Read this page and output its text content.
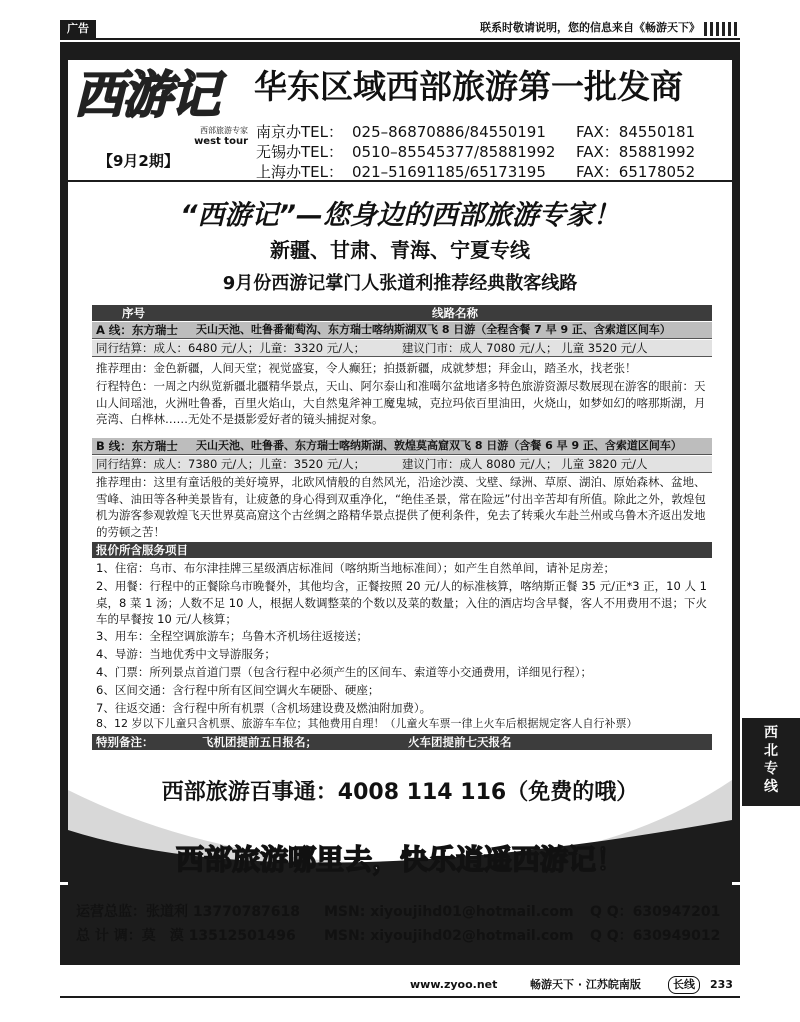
广告	联系时敬请说明，您的信息来自《畅游天下》
西游记
西部旅游专家
west tour
【9月2期】
华东区域西部旅游第一批发商
南京办TEL： 025–86870886/84550191 FAX：84550181
无锡办TEL： 0510–85545377/85881992 FAX：85881992
上海办TEL： 021–51691185/65173195 FAX：65178052
“西游记”—您身边的西部旅游专家！
新疆、甘肃、青海、宁夏专线
9月份西游记掌门人张道利推荐经典散客线路
序号	线路名称
A 线：东方瑞士 天山天池、吐鲁番葡萄沟、东方瑞士喀纳斯湖双飞 8 日游（全程含餐 7 早 9 正、含索道区间车）
同行结算：成人：6480 元/人；儿童：3320 元/人；	建议门市：成人 7080 元/人； 儿童 3520 元/人
推荐理由：金色新疆，人间天堂；视觉盛宴，令人癫狂；拍摄新疆，成就梦想；拜金山，踏圣水，找老张！
行程特色：一周之内纵览新疆北疆精华景点，天山、阿尔泰山和准噶尔盆地诸多特色旅游资源尽数展现在游客的眼前：天山人间瑶池，火洲吐鲁番，百里火焰山，大自然鬼斧神工魔鬼城，克拉玛依百里油田，火烧山，如梦如幻的喀那斯湖，月亮湾、白桦林……无处不是摄影爱好者的镜头捕捉对象。
B 线：东方瑞士 天山天池、吐鲁番、东方瑞士喀纳斯湖、敦煌莫高窟双飞 8 日游（含餐 6 早 9 正、含索道区间车）
同行结算：成人：7380 元/人；儿童：3520 元/人；	建议门市：成人 8080 元/人； 儿童 3820 元/人
推荐理由：这里有童话般的美好境界，北欧风情般的自然风光，沿途沙漠、戈壁、绿洲、草原、湖泊、原始森林、盆地、雪峰、油田等各种美景皆有，让疲惫的身心得到双重净化，“绝佳圣景，常在险远”付出辛苦却有所值。除此之外，敦煌包机为游客参观敦煌飞天世界莫高窟这个古丝绸之路精华景点提供了便利条件，免去了转乘火车赴兰州或乌鲁木齐返出发地的劳顿之苦！
报价所含服务项目
1、住宿：乌市、布尔津挂牌三星级酒店标准间（喀纳斯当地标准间）；如产生自然单间，请补足房差；
2、用餐：行程中的正餐除乌市晚餐外，其他均含，正餐按照 20 元/人的标准核算，喀纳斯正餐 35 元/正*3 正，10 人 1 桌，8 菜 1 汤；人数不足 10 人，根据人数调整菜的个数以及菜的数量；入住的酒店均含早餐，客人不用费用不退；下火车的早餐按 10 元/人核算；
3、用车：全程空调旅游车；乌鲁木齐机场往返接送；
4、导游：当地优秀中文导游服务；
4、门票：所列景点首道门票（包含行程中必须产生的区间车、索道等小交通费用，详细见行程）；
6、区间交通：含行程中所有区间空调火车硬卧、硬座；
7、往返交通：含行程中所有机票（含机场建设费及燃油附加费）。
8、12 岁以下儿童只含机票、旅游车车位；其他费用自理！（儿童火车票一律上火车后根据规定客人自行补票）
特别备注：	飞机团提前五日报名；	火车团提前七天报名
西部旅游百事通：4008 114 116（免费的哦）
西部旅游哪里去，快乐逍遥西游记！
运营总监：张道利 13770787618 MSN: xiyoujihd01@hotmail.com Q Q：630947201
总 计 调：莫　漠 13512501496 MSN: xiyoujihd02@hotmail.com Q Q：630949012
西北专线
www.zyoo.net	畅游天下 · 江苏皖南版	长线	233
